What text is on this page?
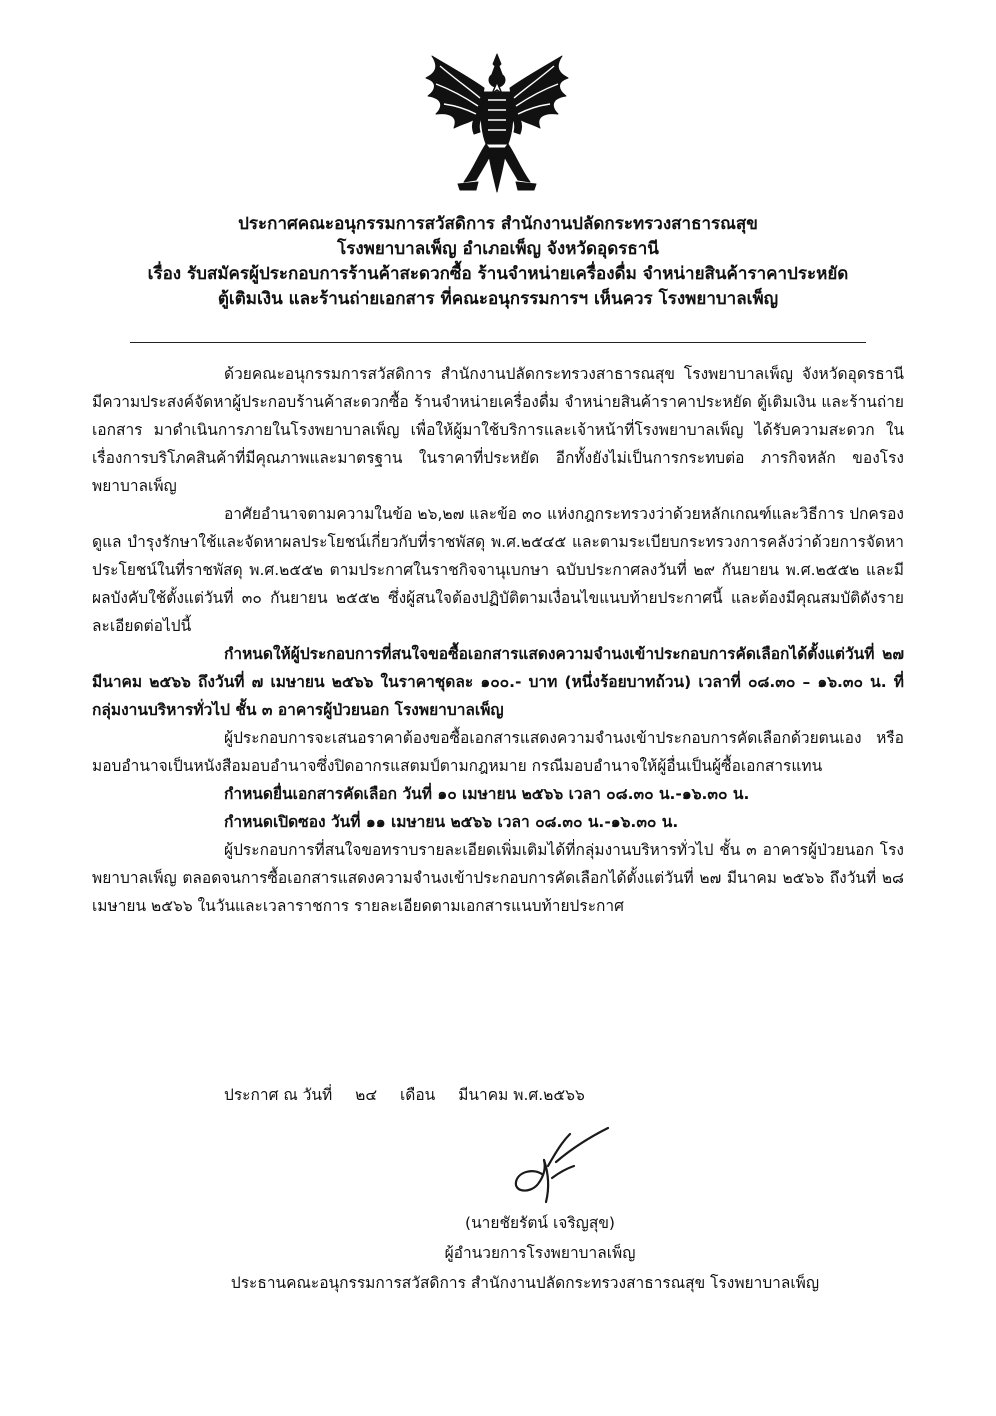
ประกาศคณะอนุกรรมการสวัสดิการ สำนักงานปลัดกระทรวงสาธารณสุข
โรงพยาบาลเพ็ญ อำเภอเพ็ญ จังหวัดอุดรธานี
เรื่อง รับสมัครผู้ประกอบการร้านค้าสะดวกซื้อ ร้านจำหน่ายเครื่องดื่ม จำหน่ายสินค้าราคาประหยัด
ตู้เติมเงิน และร้านถ่ายเอกสาร ที่คณะอนุกรรมการฯ เห็นควร โรงพยาบาลเพ็ญ

ด้วยคณะอนุกรรมการสวัสดิการ สำนักงานปลัดกระทรวงสาธารณสุข โรงพยาบาลเพ็ญ จังหวัดอุดรธานี มีความประสงค์จัดหาผู้ประกอบร้านค้าสะดวกซื้อ ร้านจำหน่ายเครื่องดื่ม จำหน่ายสินค้าราคาประหยัด ตู้เติมเงิน และร้านถ่ายเอกสาร มาดำเนินการภายในโรงพยาบาลเพ็ญ เพื่อให้ผู้มาใช้บริการและเจ้าหน้าที่โรงพยาบาลเพ็ญ ได้รับความสะดวก ในเรื่องการบริโภคสินค้าที่มีคุณภาพและมาตรฐาน ในราคาที่ประหยัด อีกทั้งยังไม่เป็นการกระทบต่อ ภารกิจหลัก ของโรงพยาบาลเพ็ญ

อาศัยอำนาจตามความในข้อ ๒๖,๒๗ และข้อ ๓๐ แห่งกฎกระทรวงว่าด้วยหลักเกณฑ์และวิธีการ ปกครองดูแล บำรุงรักษาใช้และจัดหาผลประโยชน์เกี่ยวกับที่ราชพัสดุ พ.ศ.๒๕๔๕ และตามระเบียบกระทรวงการคลังว่าด้วยการจัดหาประโยชน์ในที่ราชพัสดุ พ.ศ.๒๕๕๒ ตามประกาศในราชกิจจานุเบกษา ฉบับประกาศลงวันที่ ๒๙ กันยายน พ.ศ.๒๕๕๒ และมีผลบังคับใช้ตั้งแต่วันที่ ๓๐ กันยายน ๒๕๕๒ ซึ่งผู้สนใจต้องปฏิบัติตามเงื่อนไขแนบท้ายประกาศนี้ และต้องมีคุณสมบัติดังรายละเอียดต่อไปนี้

กำหนดให้ผู้ประกอบการที่สนใจขอซื้อเอกสารแสดงความจำนงเข้าประกอบการคัดเลือกได้ตั้งแต่วันที่ ๒๗ มีนาคม ๒๕๖๖ ถึงวันที่ ๗ เมษายน ๒๕๖๖ ในราคาชุดละ ๑๐๐.- บาท (หนึ่งร้อยบาทถ้วน) เวลาที่ ๐๘.๓๐ – ๑๖.๓๐ น. ที่กลุ่มงานบริหารทั่วไป ชั้น ๓ อาคารผู้ป่วยนอก โรงพยาบาลเพ็ญ

ผู้ประกอบการจะเสนอราคาต้องขอซื้อเอกสารแสดงความจำนงเข้าประกอบการคัดเลือกด้วยตนเอง หรือมอบอำนาจเป็นหนังสือมอบอำนาจซึ่งปิดอากรแสตมป์ตามกฎหมาย กรณีมอบอำนาจให้ผู้อื่นเป็นผู้ซื้อเอกสารแทน

กำหนดยื่นเอกสารคัดเลือก วันที่ ๑๐ เมษายน ๒๕๖๖ เวลา ๐๘.๓๐ น.-๑๖.๓๐ น.

กำหนดเปิดซอง วันที่ ๑๑ เมษายน ๒๕๖๖ เวลา ๐๘.๓๐ น.-๑๖.๓๐ น.

ผู้ประกอบการที่สนใจขอทราบรายละเอียดเพิ่มเติมได้ที่กลุ่มงานบริหารทั่วไป ชั้น ๓ อาคารผู้ป่วยนอก โรงพยาบาลเพ็ญ ตลอดจนการซื้อเอกสารแสดงความจำนงเข้าประกอบการคัดเลือกได้ตั้งแต่วันที่ ๒๗ มีนาคม ๒๕๖๖ ถึงวันที่ ๒๘ เมษายน ๒๕๖๖ ในวันและเวลาราชการ รายละเอียดตามเอกสารแนบท้ายประกาศ

ประกาศ ณ วันที่ ๒๔ เดือน มีนาคม พ.ศ.๒๕๖๖
(นายชัยรัตน์ เจริญสุข)
ผู้อำนวยการโรงพยาบาลเพ็ญ
ประธานคณะอนุกรรมการสวัสดิการ สำนักงานปลัดกระทรวงสาธารณสุข โรงพยาบาลเพ็ญ
